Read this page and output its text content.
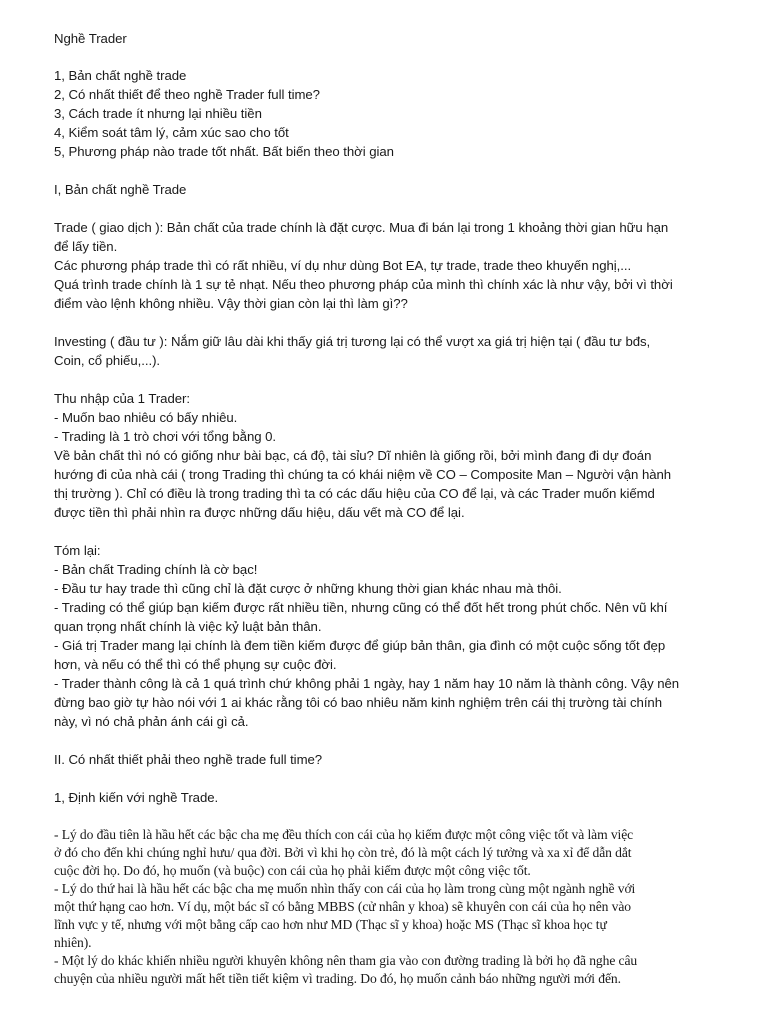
Nghề Trader

1, Bản chất nghề trade

2, Có nhất thiết để theo nghề Trader full time?

3, Cách trade ít nhưng lại nhiều tiền

4, Kiểm soát tâm lý, cảm xúc sao cho tốt

5, Phương pháp nào trade tốt nhất. Bất biến theo thời gian

I, Bản chất nghề Trade

Trade ( giao dịch ): Bản chất của trade chính là đặt cược. Mua đi bán lại trong 1 khoảng thời gian hữu hạn

để lấy tiền.

Các phương pháp trade thì có rất nhiều, ví dụ như dùng Bot EA, tự trade, trade theo khuyến nghị,...

Quá trình trade chính là 1 sự tẻ nhạt. Nếu theo phương pháp của mình thì chính xác là như vậy, bởi vì thời

điểm vào lệnh không nhiều. Vậy thời gian còn lại thì làm gì??

Investing ( đầu tư ): Nắm giữ lâu dài khi thấy giá trị tương lại có thể vượt xa giá trị hiện tại ( đầu tư bđs,

Coin, cổ phiếu,...).

Thu nhập của 1 Trader:

- Muốn bao nhiêu có bấy nhiêu.

- Trading là 1 trò chơi với tổng bằng 0.

Về bản chất thì nó có giống như bài bạc, cá độ, tài sỉu? Dĩ nhiên là giống rồi, bởi mình đang đi dự đoán

hướng đi của nhà cái ( trong Trading thì chúng ta có khái niệm về CO – Composite Man – Người vận hành

thị trường ). Chỉ có điều là trong trading thì ta có các dấu hiệu của CO để lại, và các Trader muốn kiếmd

được tiền thì phải nhìn ra được những dấu hiệu, dấu vết mà CO để lại.

Tóm lại:

- Bản chất Trading chính là cờ bạc!

- Đầu tư hay trade thì cũng chỉ là đặt cược ở những khung thời gian khác nhau mà thôi.

- Trading có thể giúp bạn kiếm được rất nhiều tiền, nhưng cũng có thể đốt hết trong phút chốc. Nên vũ khí

quan trọng nhất chính là việc kỷ luật bản thân.

- Giá trị Trader mang lại chính là đem tiền kiếm được để giúp bản thân, gia đình có một cuộc sống tốt đẹp

hơn, và nếu có thể thì có thể phụng sự cuộc đời.

- Trader thành công là cả 1 quá trình chứ không phải 1 ngày, hay 1 năm hay 10 năm là thành công. Vậy nên

đừng bao giờ tự hào nói với 1 ai khác rằng tôi có bao nhiêu năm kinh nghiệm trên cái thị trường tài chính

này, vì nó chả phản ánh cái gì cả.

II. Có nhất thiết phải theo nghề trade full time?

1, Định kiến với nghề Trade.

- Lý do đầu tiên là hầu hết các bậc cha mẹ đều thích con cái của họ kiếm được một công việc tốt và làm việc

ở đó cho đến khi chúng nghỉ hưu/ qua đời. Bởi vì khi họ còn trẻ, đó là một cách lý tưởng và xa xỉ để dẫn dắt

cuộc đời họ. Do đó, họ muốn (và buộc) con cái của họ phải kiếm được một công việc tốt.

- Lý do thứ hai là hầu hết các bậc cha mẹ muốn nhìn thấy con cái của họ làm trong cùng một ngành nghề với

một thứ hạng cao hơn. Ví dụ, một bác sĩ có bằng MBBS (cử nhân y khoa) sẽ khuyên con cái của họ nên vào

lĩnh vực y tế, nhưng với một bằng cấp cao hơn như MD (Thạc sĩ y khoa) hoặc MS (Thạc sĩ khoa học tự

nhiên).

- Một lý do khác khiến nhiều người khuyên không nên tham gia vào con đường trading là bởi họ đã nghe câu

chuyện của nhiều người mất hết tiền tiết kiệm vì trading. Do đó, họ muốn cảnh báo những người mới đến.
